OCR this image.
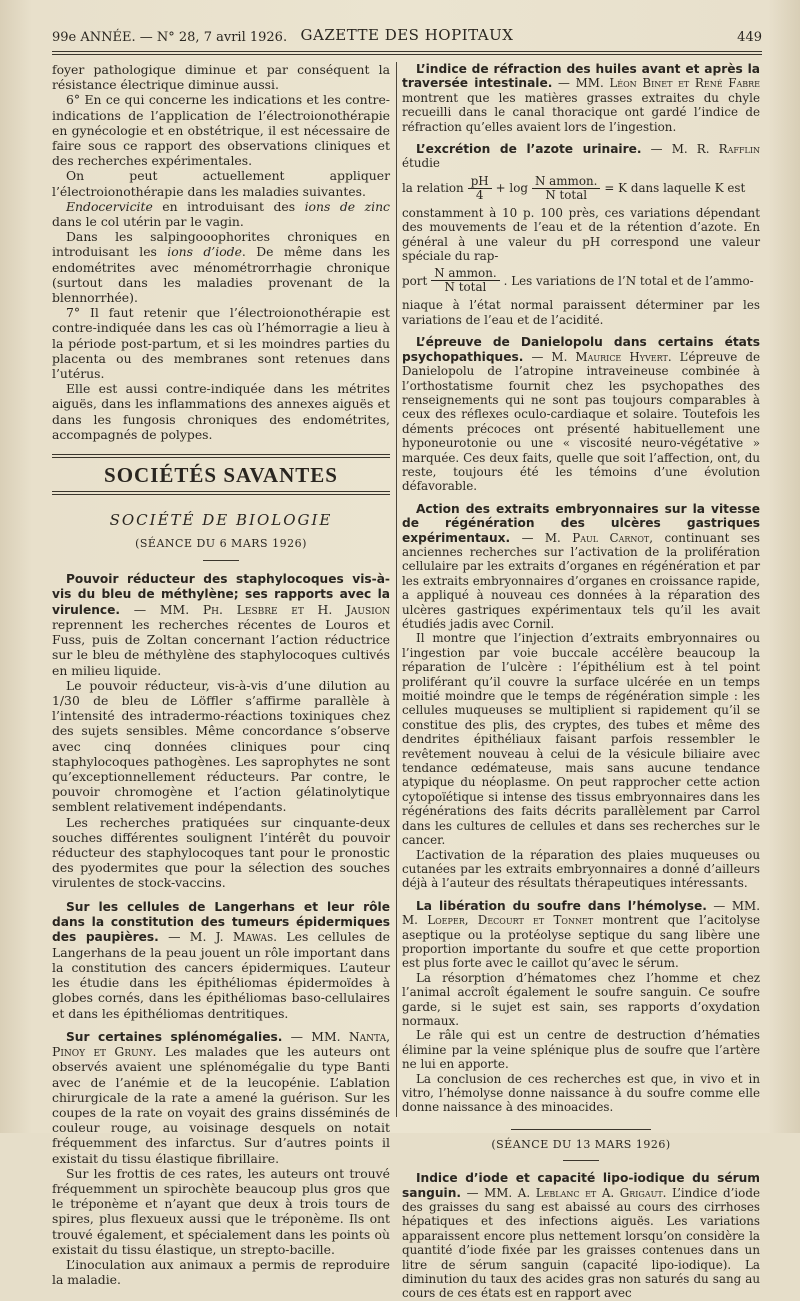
99e ANNÉE. — N° 28, 7 avril 1926. GAZETTE DES HOPITAUX	449

foyer pathologique diminue et par conséquent la résistance électrique diminue aussi.

6° En ce qui concerne les indications et les contre-indications de l’application de l’électroionothérapie en gynécologie et en obstétrique, il est nécessaire de faire sous ce rapport des observations cliniques et des recherches expérimentales.

On peut actuellement appliquer l’électroionothérapie dans les maladies suivantes.

Endocervicite en introduisant des ions de zinc dans le col utérin par le vagin.

Dans les salpingooophorites chroniques en introduisant les ions d’iode. De même dans les endométrites avec ménométrorrhagie chronique (surtout dans les maladies provenant de la blennorrhée).

7° Il faut retenir que l’électroionothérapie est contre-indiquée dans les cas où l’hémorragie a lieu à la période post-partum, et si les moindres parties du placenta ou des membranes sont retenues dans l’utérus.

Elle est aussi contre-indiquée dans les métrites aiguës, dans les inflammations des annexes aiguës et dans les fungosis chroniques des endométrites, accompagnés de polypes.

SOCIÉTÉS SAVANTES
SOCIÉTÉ DE BIOLOGIE
(SÉANCE DU 6 MARS 1926)

Pouvoir réducteur des staphylocoques vis-à-vis du bleu de méthylène; ses rapports avec la virulence. — MM. Ph. Lesbre et H. Jausion reprennent les recherches récentes de Louros et Fuss, puis de Zoltan concernant l’action réductrice sur le bleu de méthylène des staphylocoques cultivés en milieu liquide.

Le pouvoir réducteur, vis-à-vis d’une dilution au 1/30 de bleu de Löffler s’affirme parallèle à l’intensité des intradermo-réactions toxiniques chez des sujets sensibles. Même concordance s’observe avec cinq données cliniques pour cinq staphylocoques pathogènes. Les saprophytes ne sont qu’exceptionnellement réducteurs. Par contre, le pouvoir chromogène et l’action gélatinolytique semblent relativement indépendants.

Les recherches pratiquées sur cinquante-deux souches différentes soulignent l’intérêt du pouvoir réducteur des staphylocoques tant pour le pronostic des pyodermites que pour la sélection des souches virulentes de stock-vaccins.

Sur les cellules de Langerhans et leur rôle dans la constitution des tumeurs épidermiques des paupières. — M. J. Mawas. Les cellules de Langerhans de la peau jouent un rôle important dans la constitution des cancers épidermiques. L’auteur les étudie dans les épithéliomas épidermoïdes à globes cornés, dans les épithéliomas baso-cellulaires et dans les épithéliomas dentritiques.

Sur certaines splénomégalies. — MM. Nanta, Pinoy et Gruny. Les malades que les auteurs ont observés avaient une splénomégalie du type Banti avec de l’anémie et de la leucopénie. L’ablation chirurgicale de la rate a amené la guérison. Sur les coupes de la rate on voyait des grains disséminés de couleur rouge, au voisinage desquels on notait fréquemment des infarctus. Sur d’autres points il existait du tissu élastique fibrillaire.

Sur les frottis de ces rates, les auteurs ont trouvé fréquemment un spirochète beaucoup plus gros que le tréponème et n’ayant que deux à trois tours de spires, plus flexueux aussi que le tréponème. Ils ont trouvé également, et spécialement dans les points où existait du tissu élastique, un strepto-bacille.

L’inoculation aux animaux a permis de reproduire la maladie.

L’indice de réfraction des huiles avant et après la traversée intestinale. — MM. Léon Binet et René Fabre montrent que les matières grasses extraites du chyle recueilli dans le canal thoracique ont gardé l’indice de réfraction qu’elles avaient lors de l’ingestion.

L’excrétion de l’azote urinaire. — M. R. Rafflin étudie

la relation $\frac{pH}{4} + \log \frac{\text{N ammon.}}{\text{N total}} = K$ dans laquelle K est

constamment à 10 p. 100 près, ces variations dépendant des mouvements de l’eau et de la rétention d’azote. En général à une valeur du pH correspond une valeur spéciale du rap-

port $\frac{\text{N ammon.}}{\text{N total}}$ . Les variations de l’N total et de l’ammo-

niaque à l’état normal paraissent déterminer par les variations de l’eau et de l’acidité.

L’épreuve de Danielopolu dans certains états psychopathiques. — M. Maurice Hyvert. L’épreuve de Danielopolu de l’atropine intraveineuse combinée à l’orthostatisme fournit chez les psychopathes des renseignements qui ne sont pas toujours comparables à ceux des réflexes oculo-cardiaque et solaire. Toutefois les déments précoces ont présenté habituellement une hyponeurotonie ou une « viscosité neuro-végétative » marquée. Ces deux faits, quelle que soit l’affection, ont, du reste, toujours été les témoins d’une évolution défavorable.

Action des extraits embryonnaires sur la vitesse de régénération des ulcères gastriques expérimentaux. — M. Paul Carnot, continuant ses anciennes recherches sur l’activation de la prolifération cellulaire par les extraits d’organes en régénération et par les extraits embryonnaires d’organes en croissance rapide, a appliqué à nouveau ces données à la réparation des ulcères gastriques expérimentaux tels qu’il les avait étudiés jadis avec Cornil.

Il montre que l’injection d’extraits embryonnaires ou l’ingestion par voie buccale accélère beaucoup la réparation de l’ulcère : l’épithélium est à tel point proliférant qu’il couvre la surface ulcérée en un temps moitié moindre que le temps de régénération simple : les cellules muqueuses se multiplient si rapidement qu’il se constitue des plis, des cryptes, des tubes et même des dendrites épithéliaux faisant parfois ressembler le revêtement nouveau à celui de la vésicule biliaire avec tendance œdémateuse, mais sans aucune tendance atypique du néoplasme. On peut rapprocher cette action cytopoïétique si intense des tissus embryonnaires dans les régénérations des faits décrits parallèlement par Carrol dans les cultures de cellules et dans ses recherches sur le cancer.

L’activation de la réparation des plaies muqueuses ou cutanées par les extraits embryonnaires a donné d’ailleurs déjà à l’auteur des résultats thérapeutiques intéressants.

La libération du soufre dans l’hémolyse. — MM. M. Loeper, Decourt et Tonnet montrent que l’acitolyse aseptique ou la protéolyse septique du sang libère une proportion importante du soufre et que cette proportion est plus forte avec le caillot qu’avec le sérum.

La résorption d’hématomes chez l’homme et chez l’animal accroît également le soufre sanguin. Ce soufre garde, si le sujet est sain, ses rapports d’oxydation normaux.

Le râle qui est un centre de destruction d’hématies élimine par la veine splénique plus de soufre que l’artère ne lui en apporte.

La conclusion de ces recherches est que, in vivo et in vitro, l’hémolyse donne naissance à du soufre comme elle donne naissance à des minoacides.

(SÉANCE DU 13 MARS 1926)

Indice d’iode et capacité lipo-iodique du sérum sanguin. — MM. A. Leblanc et A. Grigaut. L’indice d’iode des graisses du sang est abaissé au cours des cirrhoses hépatiques et des infections aiguës. Les variations apparaissent encore plus nettement lorsqu’on considère la quantité d’iode fixée par les graisses contenues dans un litre de sérum sanguin (capacité lipo-iodique). La diminution du taux des acides gras non saturés du sang au cours de ces états est en rapport avec
